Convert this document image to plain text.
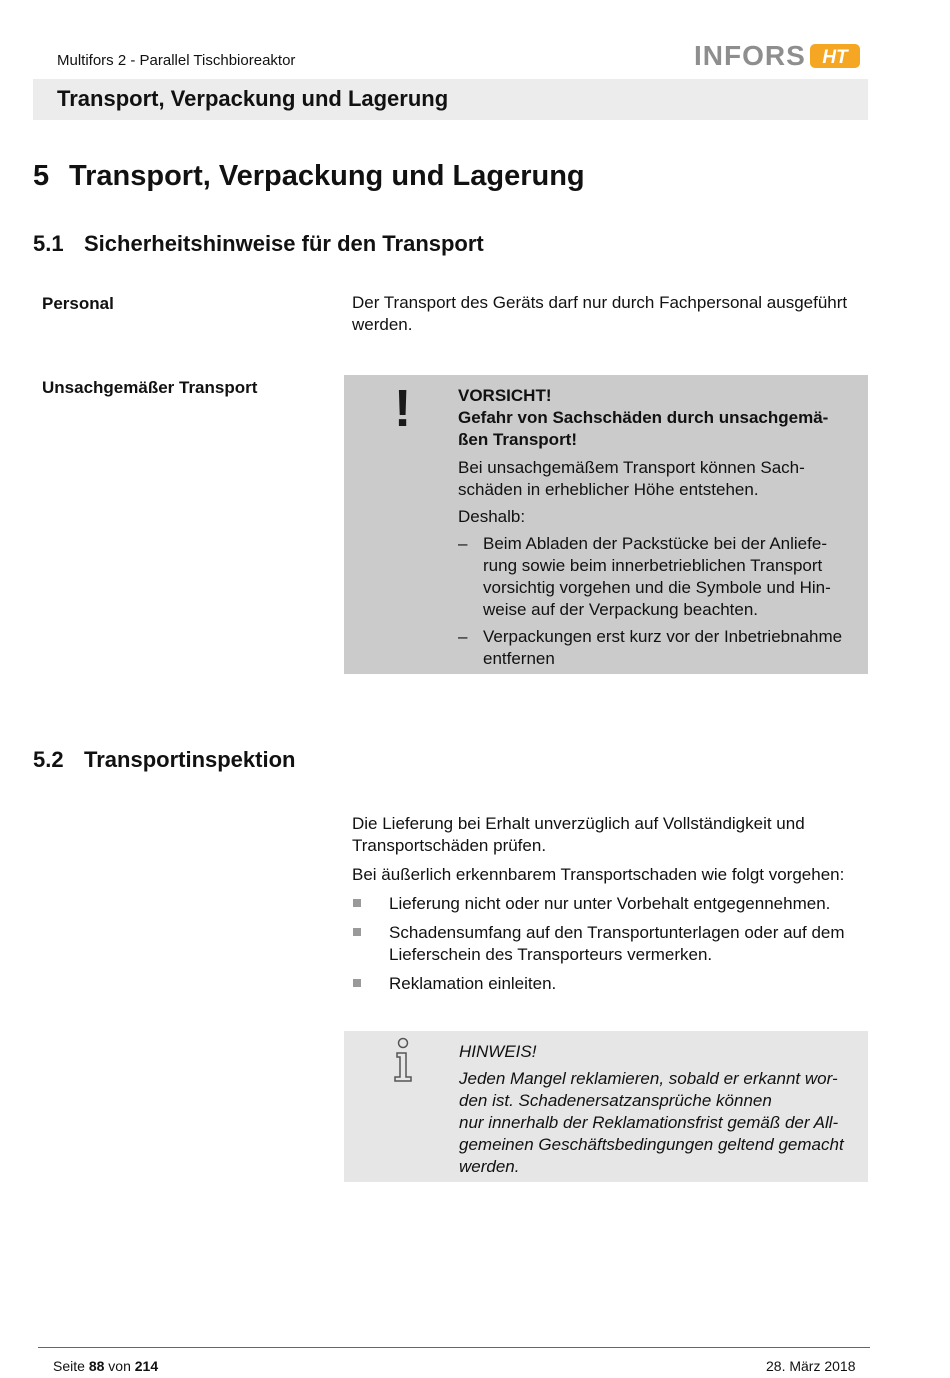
Multifors 2 - Parallel Tischbioreaktor	INFORS HT
Transport, Verpackung und Lagerung
5 Transport, Verpackung und Lagerung
5.1 Sicherheitshinweise für den Transport
Personal	Der Transport des Geräts darf nur durch Fachpersonal ausgeführt werden.
Unsachgemäßer Transport	!	VORSICHT!

Gefahr von Sachschäden durch unsachgemä-ßen Transport!

Bei unsachgemäßem Transport können Sach-schäden in erheblicher Höhe entstehen.

Deshalb:

– Beim Abladen der Packstücke bei der Anliefe-rung sowie beim innerbetrieblichen Transport vorsichtig vorgehen und die Symbole und Hin-weise auf der Verpackung beachten.
– Verpackungen erst kurz vor der Inbetriebnahme entfernen
5.2 Transportinspektion
Die Lieferung bei Erhalt unverzüglich auf Vollständigkeit und Transportschäden prüfen.
Bei äußerlich erkennbarem Transportschaden wie folgt vorgehen:
Lieferung nicht oder nur unter Vorbehalt entgegennehmen.
Schadensumfang auf den Transportunterlagen oder auf dem Lieferschein des Transporteurs vermerken.
Reklamation einleiten.

HINWEIS!

Jeden Mangel reklamieren, sobald er erkannt wor-den ist. Schadenersatzansprüche können

nur innerhalb der Reklamationsfrist gemäß der All-gemeinen Geschäftsbedingungen geltend gemacht werden.

Seite 88 von 214	28. März 2018
